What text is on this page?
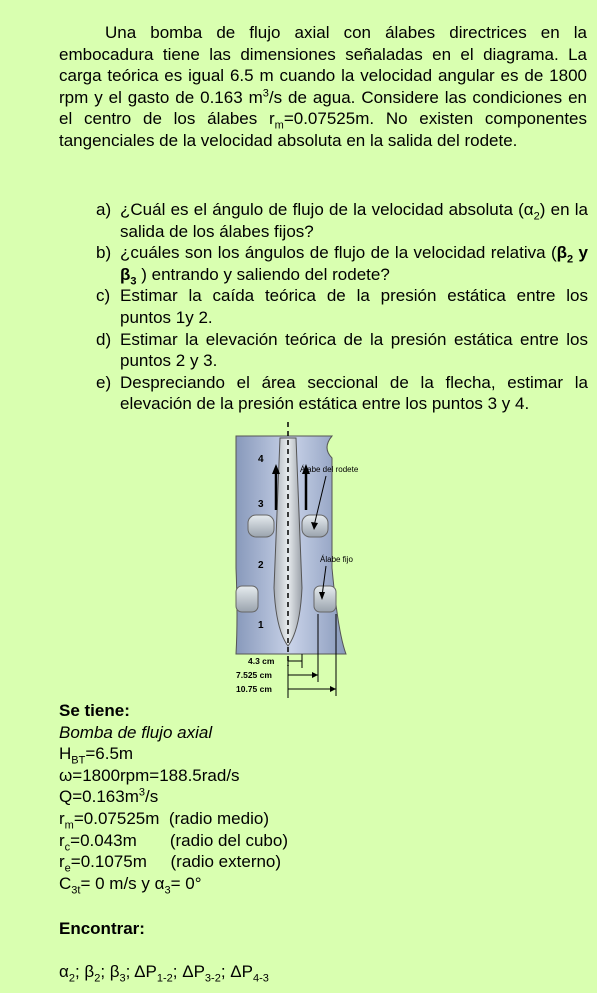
Una bomba de flujo axial con álabes directrices en la embocadura tiene las dimensiones señaladas en el diagrama. La carga teórica es igual 6.5 m cuando la velocidad angular es de 1800 rpm y el gasto de 0.163 $m^3/s$ de agua. Considere las condiciones en el centro de los álabes $r_m=0.07525m$. No existen componentes tangenciales de la velocidad absoluta en la salida del rodete.
a) ¿Cuál es el ángulo de flujo de la velocidad absoluta $(\alpha_2)$ en la salida de los álabes fijos?
b) ¿cuáles son los ángulos de flujo de la velocidad relativa ($\beta_2$ y $\beta_3$ ) entrando y saliendo del rodete?
c) Estimar la caída teórica de la presión estática entre los puntos 1y 2.
d) Estimar la elevación teórica de la presión estática entre los puntos 2 y 3.
e) Despreciando el área seccional de la flecha, estimar la elevación de la presión estática entre los puntos 3 y 4.
4
3
2
1
Álabe del rodete
Álabe fijo
4.3 cm
7.525 cm
10.75 cm
Se tiene:
Bomba de flujo axial
$H_{BT}=6.5m$
ω=1800rpm=188.5rad/s
$Q=0.163m^3/s$
$r_m=0.07525m$  (radio medio)
$r_c=0.043m$       (radio del cubo)
$r_e=0.1075m$     (radio externo)
$C_{3t}= 0$ m/s y $\alpha_3= 0^\circ$
Encontrar:
$\alpha_2$; $\beta_2$; $\beta_3$; $\Delta P_{1-2}$; $\Delta P_{3-2}$; $\Delta P_{4-3}$
